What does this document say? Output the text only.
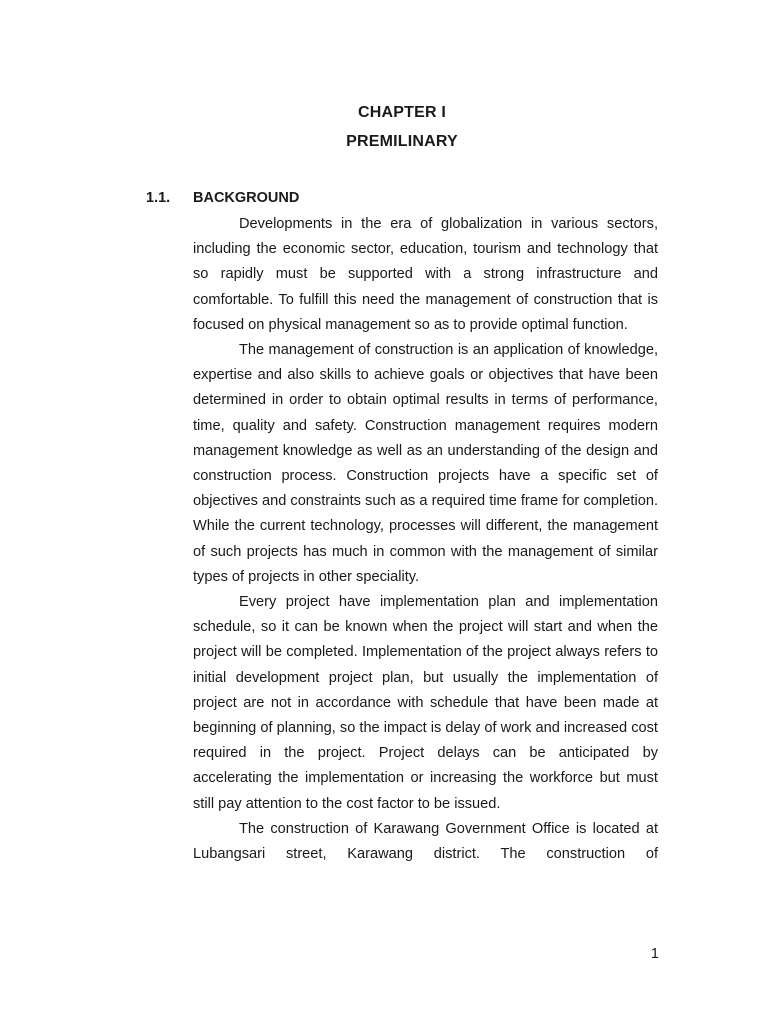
CHAPTER I
PREMILINARY
1.1. BACKGROUND

Developments in the era of globalization in various sectors, including the economic sector, education, tourism and technology that so rapidly must be supported with a strong infrastructure and comfortable. To fulfill this need the management of construction that is focused on physical management so as to provide optimal function.

The management of construction is an application of knowledge, expertise and also skills to achieve goals or objectives that have been determined in order to obtain optimal results in terms of performance, time, quality and safety. Construction management requires modern management knowledge as well as an understanding of the design and construction process. Construction projects have a specific set of objectives and constraints such as a required time frame for completion. While the current technology, processes will different, the management of such projects has much in common with the management of similar types of projects in other speciality.

Every project have implementation plan and implementation schedule, so it can be known when the project will start and when the project will be completed. Implementation of the project always refers to initial development project plan, but usually the implementation of project are not in accordance with schedule that have been made at beginning of planning, so the impact is delay of work and increased cost required in the project. Project delays can be anticipated by accelerating the implementation or increasing the workforce but must still pay attention to the cost factor to be issued.

The construction of Karawang Government Office is located at Lubangsari street, Karawang district. The construction of

1
